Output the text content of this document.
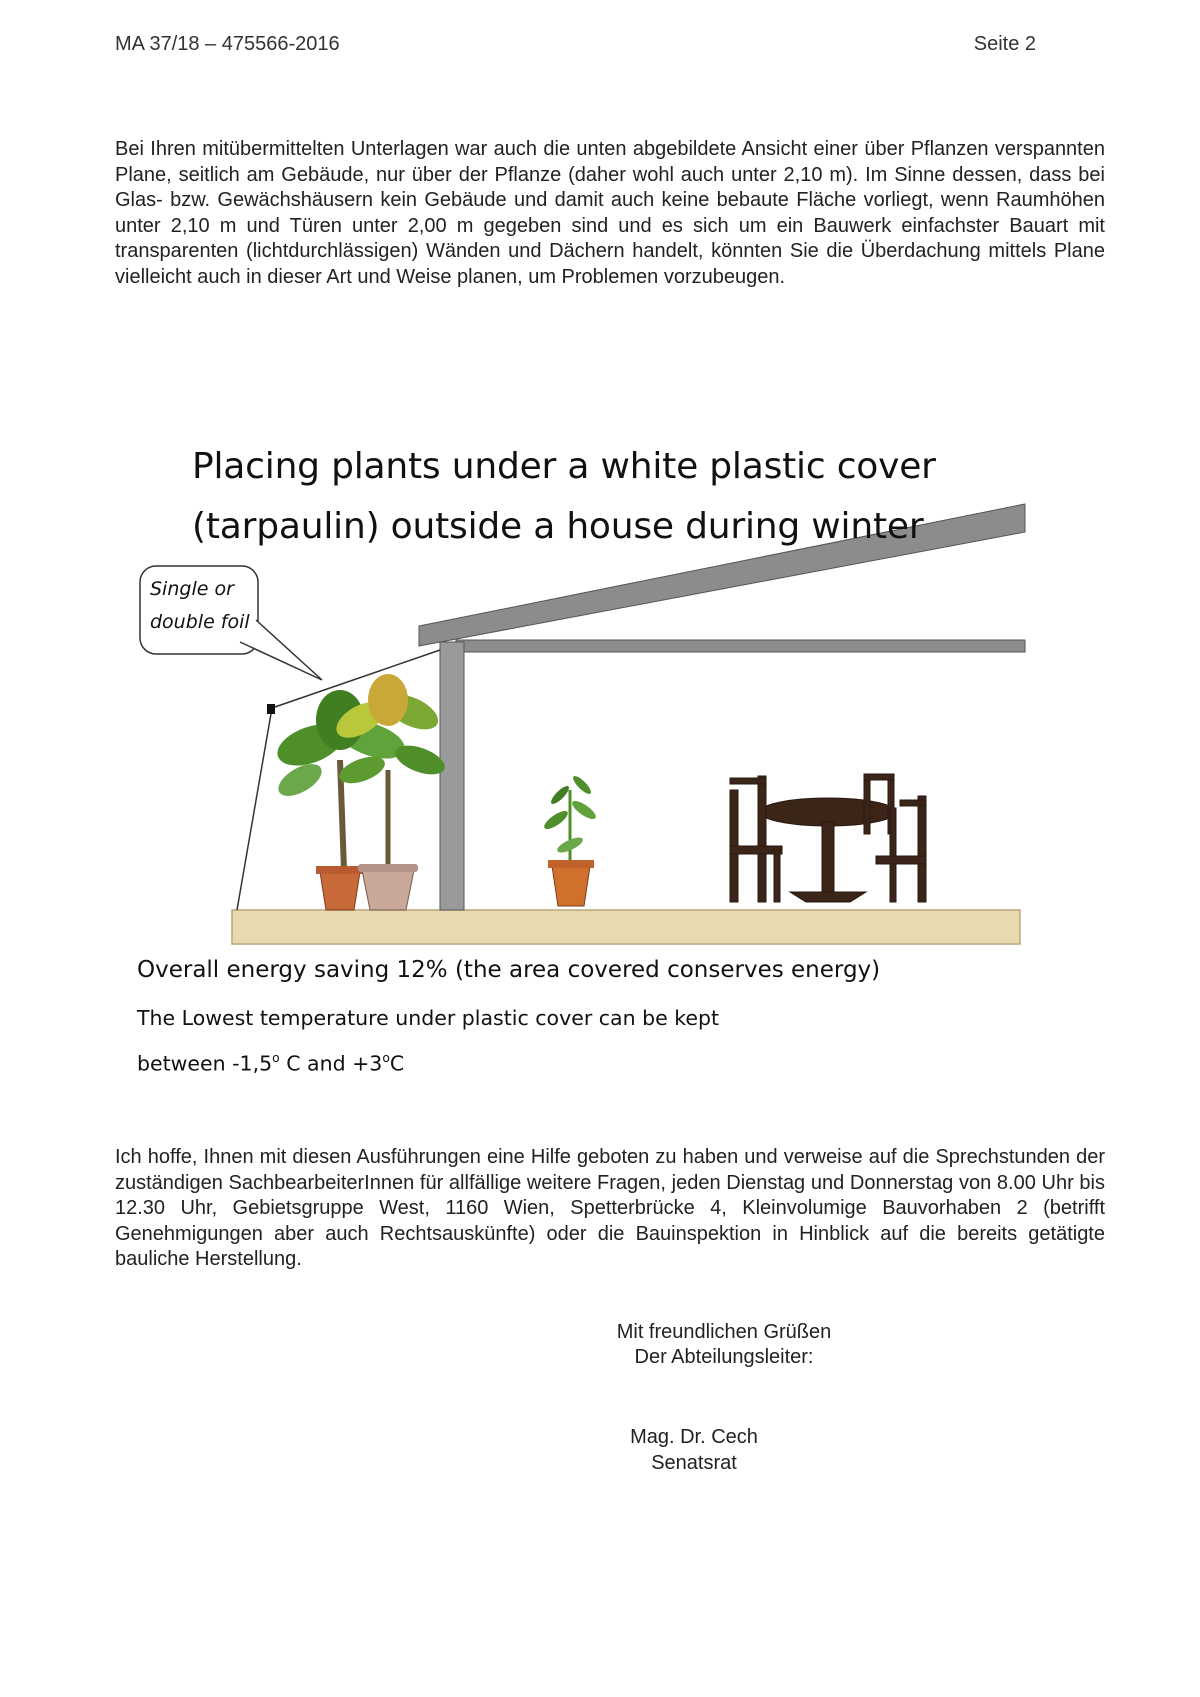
MA 37/18 – 475566-2016	Seite 2
Bei Ihren mitübermittelten Unterlagen war auch die unten abgebildete Ansicht einer über Pflanzen verspannten Plane, seitlich am Gebäude, nur über der Pflanze (daher wohl auch unter 2,10 m). Im Sinne dessen, dass bei Glas- bzw. Gewächshäusern kein Gebäude und damit auch keine bebaute Fläche vorliegt, wenn Raumhöhen unter 2,10 m und Türen unter 2,00 m gegeben sind und es sich um ein Bauwerk einfachster Bauart mit transparenten (lichtdurchlässigen) Wänden und Dächern handelt, könnten Sie die Überdachung mittels Plane vielleicht auch in dieser Art und Weise planen, um Problemen vorzubeugen.
Placing plants under a white plastic cover
(tarpaulin) outside a house during winter
Single or
double foil
Overall energy saving 12% (the area covered conserves energy)
The Lowest temperature under plastic cover can be kept
between -1,5$^o$ C and $+3^oC$
Ich hoffe, Ihnen mit diesen Ausführungen eine Hilfe geboten zu haben und verweise auf die Sprechstunden der zuständigen SachbearbeiterInnen für allfällige weitere Fragen, jeden Dienstag und Donnerstag von 8.00 Uhr bis 12.30 Uhr, Gebietsgruppe West, 1160 Wien, Spetterbrücke 4, Kleinvolumige Bauvorhaben 2 (betrifft Genehmigungen aber auch Rechtsauskünfte) oder die Bauinspektion in Hinblick auf die bereits getätigte bauliche Herstellung.
Mit freundlichen Grüßen
Der Abteilungsleiter:
Mag. Dr. Cech
Senatsrat
